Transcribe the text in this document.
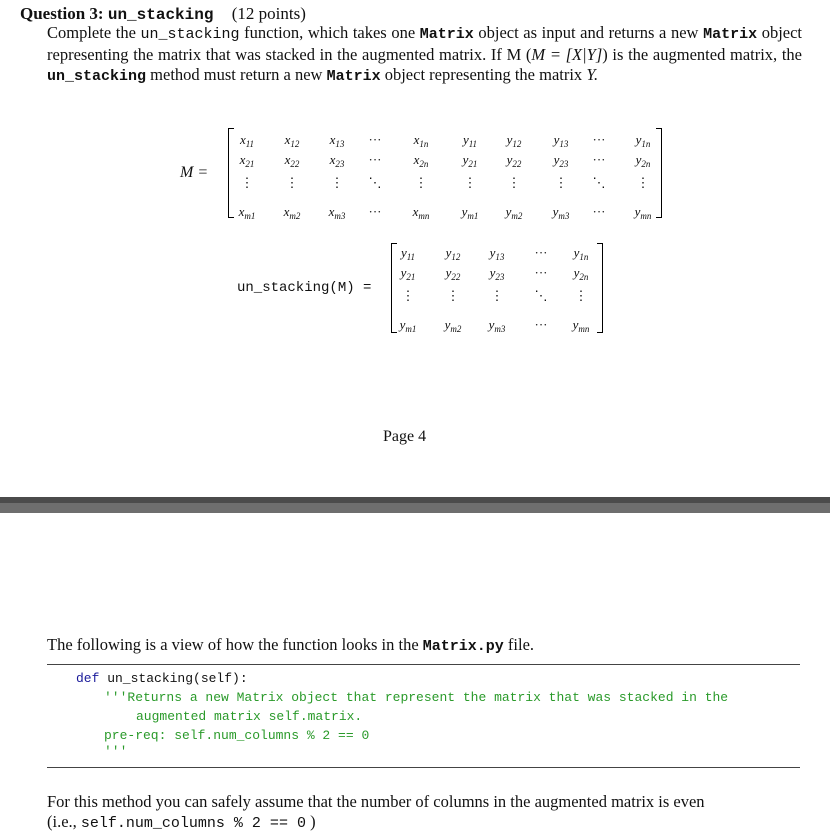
Question 3: un_stacking (12 points)
Complete the un_stacking function, which takes one Matrix object as input and returns a new Matrix object representing the matrix that was stacked in the augmented matrix. If M (M = [X|Y]) is the augmented matrix, the un_stacking method must return a new Matrix object representing the matrix Y.
M =
$x_{11}$	$x_{12}$	$x_{13}$	···	$x_{1n}$	$y_{11}$	$y_{12}$	$y_{13}$	···	$y_{1n}$
$x_{21}$	$x_{22}$	$x_{23}$	···	$x_{2n}$	$y_{21}$	$y_{22}$	$y_{23}$	···	$y_{2n}$
⋮	⋮	⋮	⋱	⋮	⋮	⋮	⋮	⋱	⋮
$x_{m1}$	$x_{m2}$	$x_{m3}$	···	$x_{mn}$	$y_{m1}$	$y_{m2}$	$y_{m3}$	···	$y_{mn}$
un_stacking(M) =
$y_{11}$	$y_{12}$	$y_{13}$	···	$y_{1n}$
$y_{21}$	$y_{22}$	$y_{23}$	···	$y_{2n}$
⋮	⋮	⋮	⋱	⋮
$y_{m1}$	$y_{m2}$	$y_{m3}$	···	$y_{mn}$
Page 4
The following is a view of how the function looks in the Matrix.py file.
def un_stacking(self):
'''Returns a new Matrix object that represent the matrix that was stacked in the
augmented matrix self.matrix.
pre-req: self.num_columns % 2 == 0
'''
For this method you can safely assume that the number of columns in the augmented matrix is even
(i.e., self.num_columns % 2 == 0 )
